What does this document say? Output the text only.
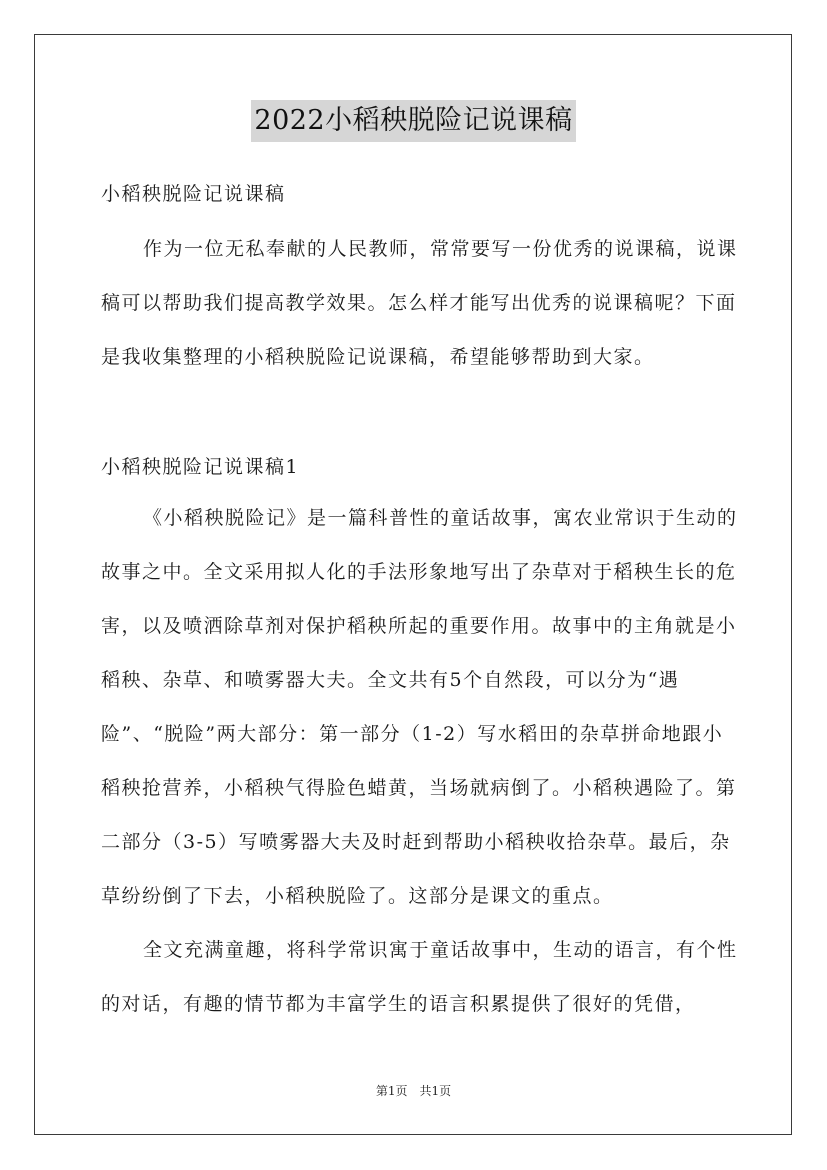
2022小稻秧脱险记说课稿
小稻秧脱险记说课稿

作为一位无私奉献的人民教师，常常要写一份优秀的说课稿，说课稿可以帮助我们提高教学效果。怎么样才能写出优秀的说课稿呢？下面是我收集整理的小稻秧脱险记说课稿，希望能够帮助到大家。

小稻秧脱险记说课稿1

《小稻秧脱险记》是一篇科普性的童话故事，寓农业常识于生动的故事之中。全文采用拟人化的手法形象地写出了杂草对于稻秧生长的危害，以及喷洒除草剂对保护稻秧所起的重要作用。故事中的主角就是小稻秧、杂草、和喷雾器大夫。全文共有5个自然段，可以分为“遇险”、“脱险”两大部分：第一部分（1-2）写水稻田的杂草拼命地跟小稻秧抢营养，小稻秧气得脸色蜡黄，当场就病倒了。小稻秧遇险了。第二部分（3-5）写喷雾器大夫及时赶到帮助小稻秧收拾杂草。最后，杂草纷纷倒了下去，小稻秧脱险了。这部分是课文的重点。

全文充满童趣，将科学常识寓于童话故事中，生动的语言，有个性的对话，有趣的情节都为丰富学生的语言积累提供了很好的凭借，

第1页 共1页
